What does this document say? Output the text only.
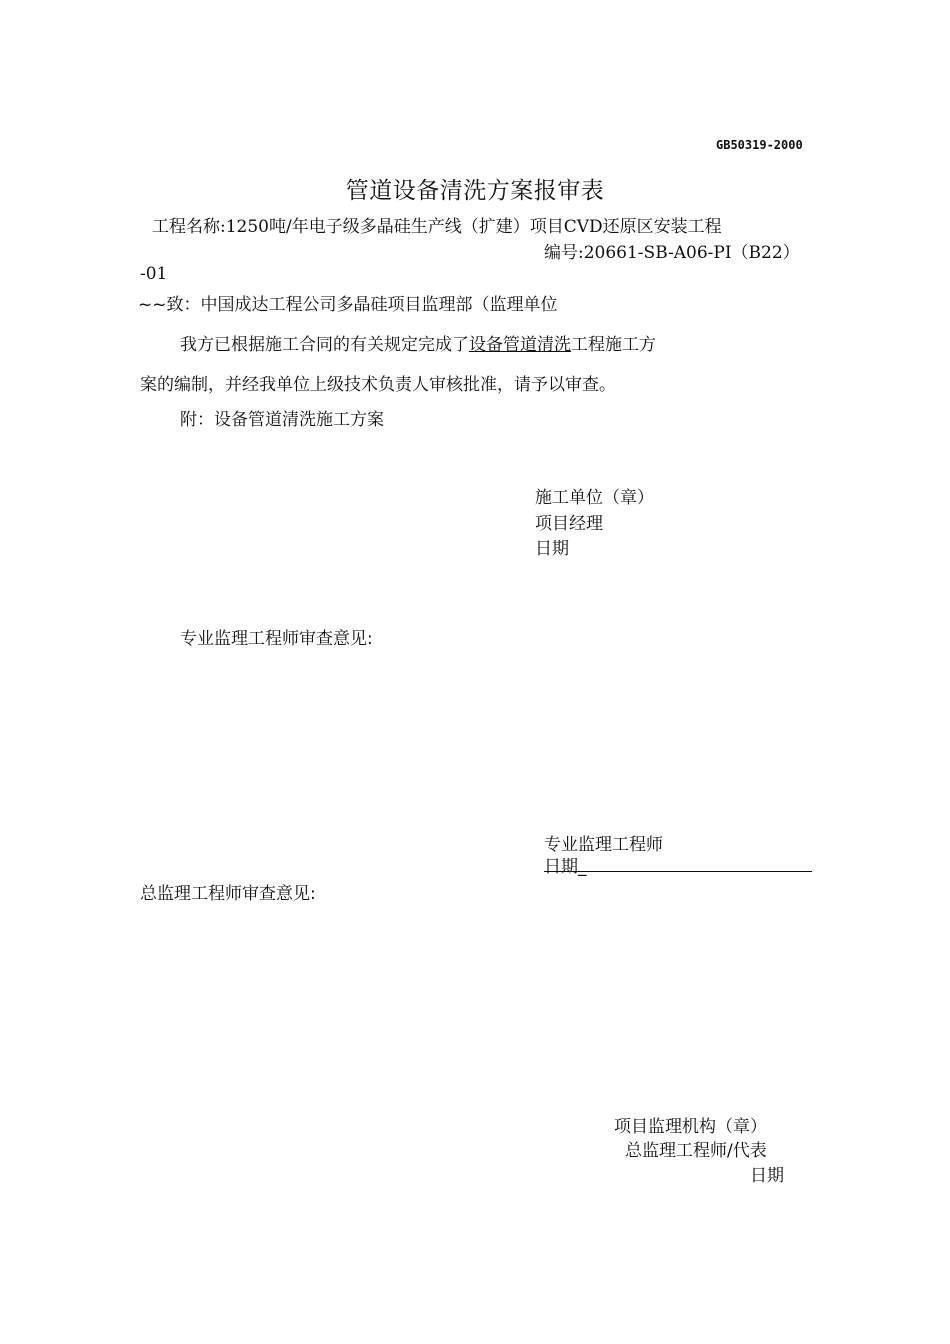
GB50319-2000
管道设备清洗方案报审表
工程名称:1250吨/年电子级多晶硅生产线（扩建）项目CVD还原区安装工程
编号:20661-SB-A06-PI（B22）
-01
~~致：中国成达工程公司多晶硅项目监理部（监理单位
我方已根据施工合同的有关规定完成了设备管道清洗工程施工方
案的编制，并经我单位上级技术负责人审核批准，请予以审查。
附：设备管道清洗施工方案
施工单位（章）
项目经理
日期
专业监理工程师审查意见:
专业监理工程师
日期_
总监理工程师审查意见:
项目监理机构（章）
总监理工程师/代表
日期
